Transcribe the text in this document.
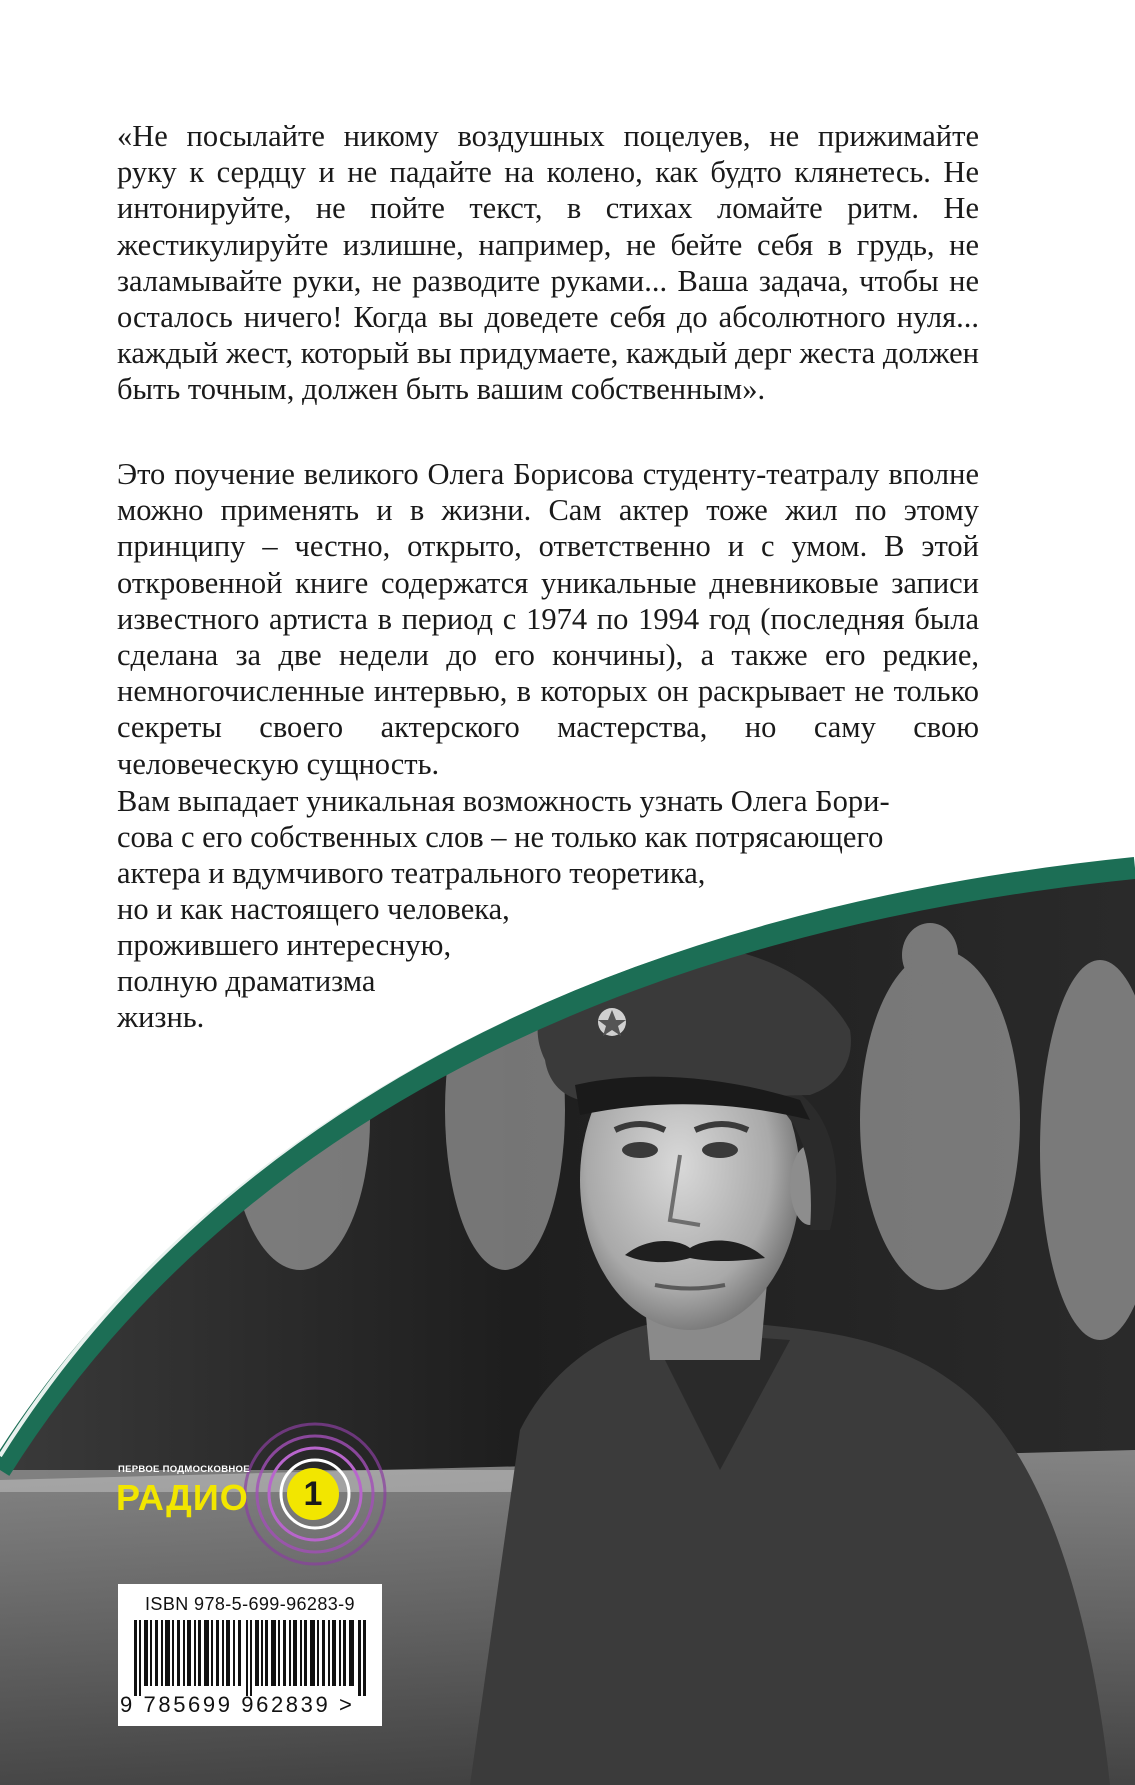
«Не посылайте никому воздушных поцелуев, не прижимайте руку к сердцу и не падайте на колено, как будто клянетесь. Не интонируйте, не пойте текст, в стихах ломайте ритм. Не жестикулируйте излишне, например, не бейте себя в грудь, не заламывайте руки, не разводите руками... Ваша задача, чтобы не осталось ничего! Когда вы доведете себя до абсолютного нуля... каждый жест, который вы придумаете, каждый дерг жеста должен быть точным, должен быть вашим собственным».

Это поучение великого Олега Борисова студенту-театралу вполне можно применять и в жизни. Сам актер тоже жил по этому принципу – честно, открыто, ответственно и с умом. В этой откровенной книге содержатся уникальные дневниковые записи известного артиста в период с 1974 по 1994 год (последняя была сделана за две недели до его кончины), а также его редкие, немногочисленные интервью, в которых он раскрывает не только секреты своего актерского мастерства, но саму свою человеческую сущность.

Вам выпадает уникальная возможность узнать Олега Бори-
сова с его собственных слов – не только как потрясающего
актера и вдумчивого театрального теоретика,
но и как настоящего человека,
прожившего интересную,
полную драматизма
жизнь.
ПЕРВОЕ ПОДМОСКОВНОЕ
РАДИО	1
ISBN 978-5-699-96283-9
9 785699 962839 >
